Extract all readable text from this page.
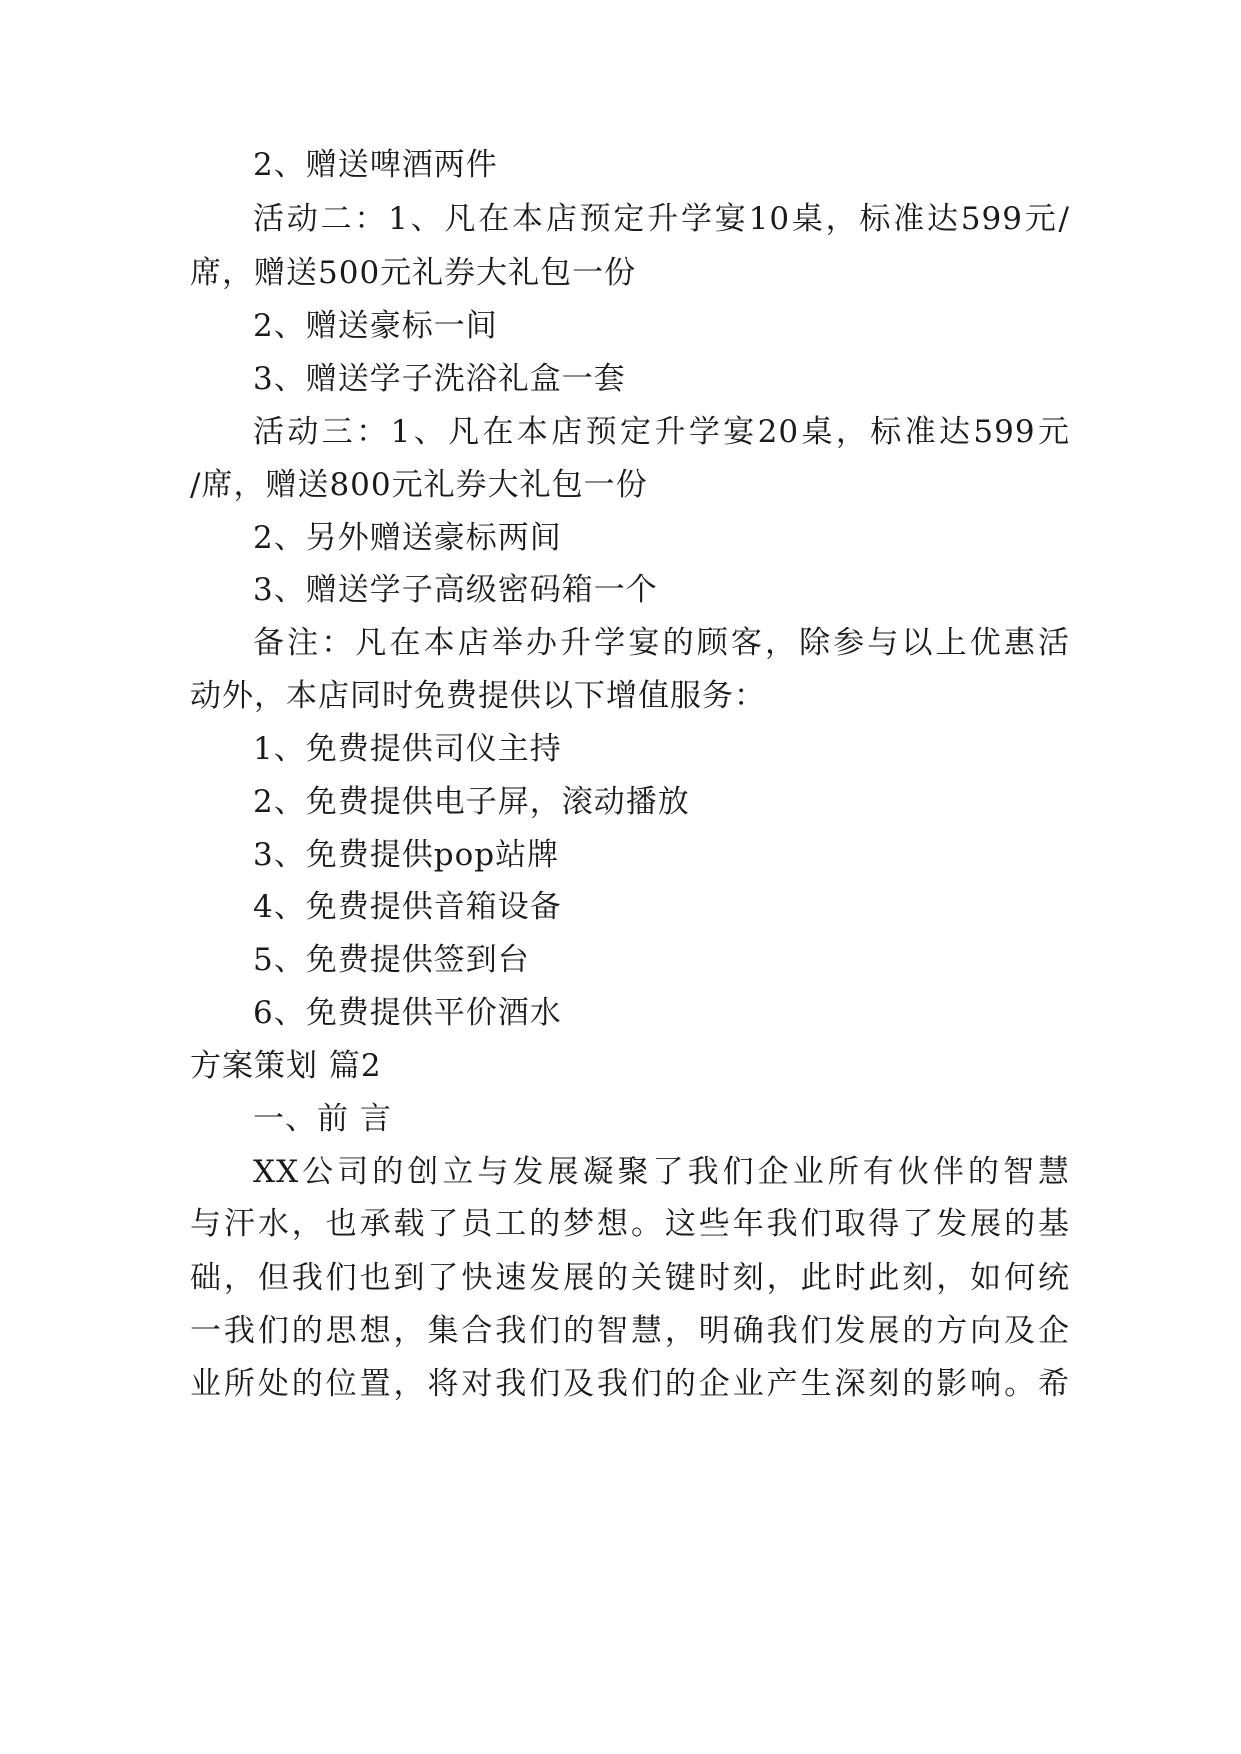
2、赠送啤酒两件
活动二：1、凡在本店预定升学宴10桌，标准达599元/
席，赠送500元礼券大礼包一份
2、赠送豪标一间
3、赠送学子洗浴礼盒一套
活动三：1、凡在本店预定升学宴20桌，标准达599元
/席，赠送800元礼券大礼包一份
2、另外赠送豪标两间
3、赠送学子高级密码箱一个
备注：凡在本店举办升学宴的顾客，除参与以上优惠活
动外，本店同时免费提供以下增值服务：
1、免费提供司仪主持
2、免费提供电子屏，滚动播放
3、免费提供pop站牌
4、免费提供音箱设备
5、免费提供签到台
6、免费提供平价酒水
方案策划 篇2
一、前 言
XX公司的创立与发展凝聚了我们企业所有伙伴的智慧
与汗水，也承载了员工的梦想。这些年我们取得了发展的基
础，但我们也到了快速发展的关键时刻，此时此刻，如何统
一我们的思想，集合我们的智慧，明确我们发展的方向及企
业所处的位置，将对我们及我们的企业产生深刻的影响。希
